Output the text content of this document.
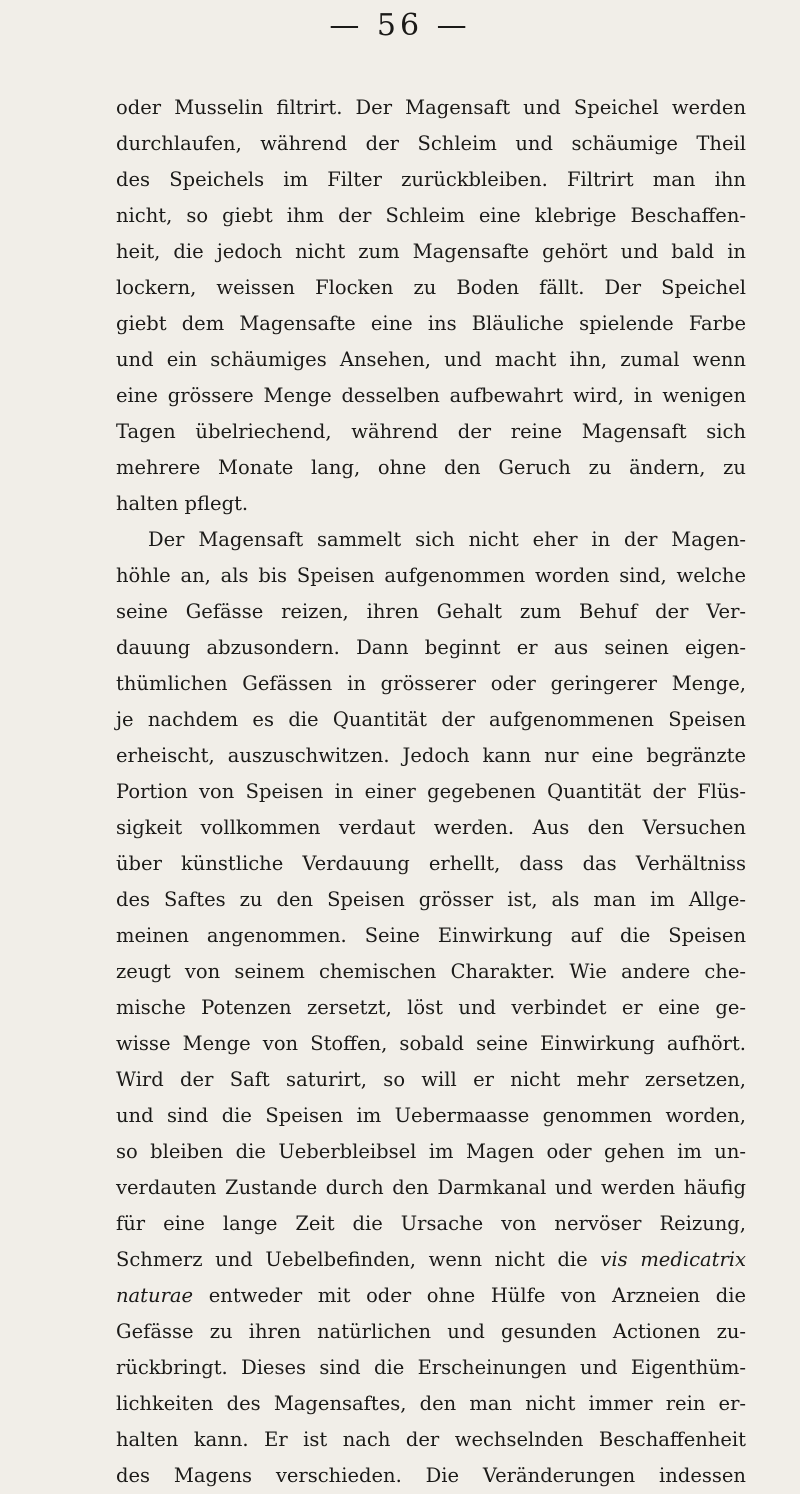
— 56 —
oder Musselin filtrirt. Der Magensaft und Speichel werden
durchlaufen, während der Schleim und schäumige Theil
des Speichels im Filter zurückbleiben. Filtrirt man ihn
nicht, so giebt ihm der Schleim eine klebrige Beschaffen-
heit, die jedoch nicht zum Magensafte gehört und bald in
lockern, weissen Flocken zu Boden fällt. Der Speichel
giebt dem Magensafte eine ins Bläuliche spielende Farbe
und ein schäumiges Ansehen, und macht ihn, zumal wenn
eine grössere Menge desselben aufbewahrt wird, in wenigen
Tagen übelriechend, während der reine Magensaft sich
mehrere Monate lang, ohne den Geruch zu ändern, zu
halten pflegt.
Der Magensaft sammelt sich nicht eher in der Magen-
höhle an, als bis Speisen aufgenommen worden sind, welche
seine Gefässe reizen, ihren Gehalt zum Behuf der Ver-
dauung abzusondern. Dann beginnt er aus seinen eigen-
thümlichen Gefässen in grösserer oder geringerer Menge,
je nachdem es die Quantität der aufgenommenen Speisen
erheischt, auszuschwitzen. Jedoch kann nur eine begränzte
Portion von Speisen in einer gegebenen Quantität der Flüs-
sigkeit vollkommen verdaut werden. Aus den Versuchen
über künstliche Verdauung erhellt, dass das Verhältniss
des Saftes zu den Speisen grösser ist, als man im Allge-
meinen angenommen. Seine Einwirkung auf die Speisen
zeugt von seinem chemischen Charakter. Wie andere che-
mische Potenzen zersetzt, löst und verbindet er eine ge-
wisse Menge von Stoffen, sobald seine Einwirkung aufhört.
Wird der Saft saturirt, so will er nicht mehr zersetzen,
und sind die Speisen im Uebermaasse genommen worden,
so bleiben die Ueberbleibsel im Magen oder gehen im un-
verdauten Zustande durch den Darmkanal und werden häufig
für eine lange Zeit die Ursache von nervöser Reizung,
Schmerz und Uebelbefinden, wenn nicht die vis medicatrix
naturae entweder mit oder ohne Hülfe von Arzneien die
Gefässe zu ihren natürlichen und gesunden Actionen zu-
rückbringt. Dieses sind die Erscheinungen und Eigenthüm-
lichkeiten des Magensaftes, den man nicht immer rein er-
halten kann. Er ist nach der wechselnden Beschaffenheit
des Magens verschieden. Die Veränderungen indessen
